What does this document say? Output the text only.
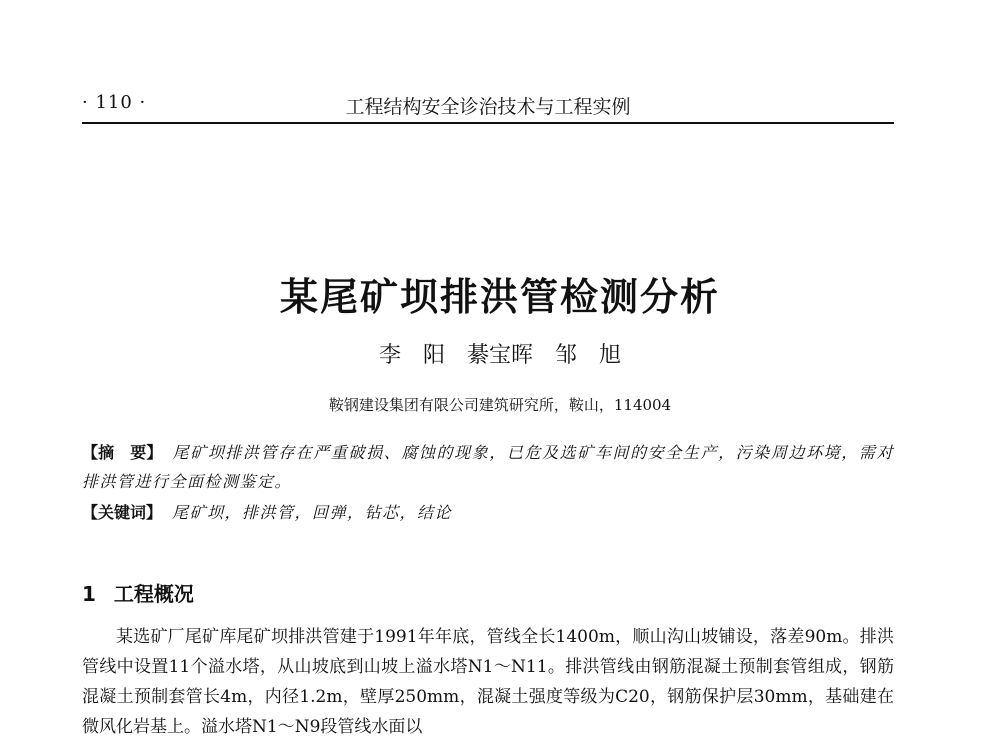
· 110 ·	工程结构安全诊治技术与工程实例
某尾矿坝排洪管检测分析
李　阳　綦宝晖　邹　旭
鞍钢建设集团有限公司建筑研究所，鞍山，114004
【摘　要】 尾矿坝排洪管存在严重破损、腐蚀的现象，已危及选矿车间的安全生产，污染周边环境，需对排洪管进行全面检测鉴定。
【关键词】 尾矿坝，排洪管，回弹，钻芯，结论
1 工程概况

某选矿厂尾矿库尾矿坝排洪管建于1991年年底，管线全长1400m，顺山沟山坡铺设，落差90m。排洪管线中设置11个溢水塔，从山坡底到山坡上溢水塔N1～N11。排洪管线由钢筋混凝土预制套管组成，钢筋混凝土预制套管长4m，内径1.2m，壁厚250mm，混凝土强度等级为C20，钢筋保护层30mm，基础建在微风化岩基上。溢水塔N1～N9段管线水面以
